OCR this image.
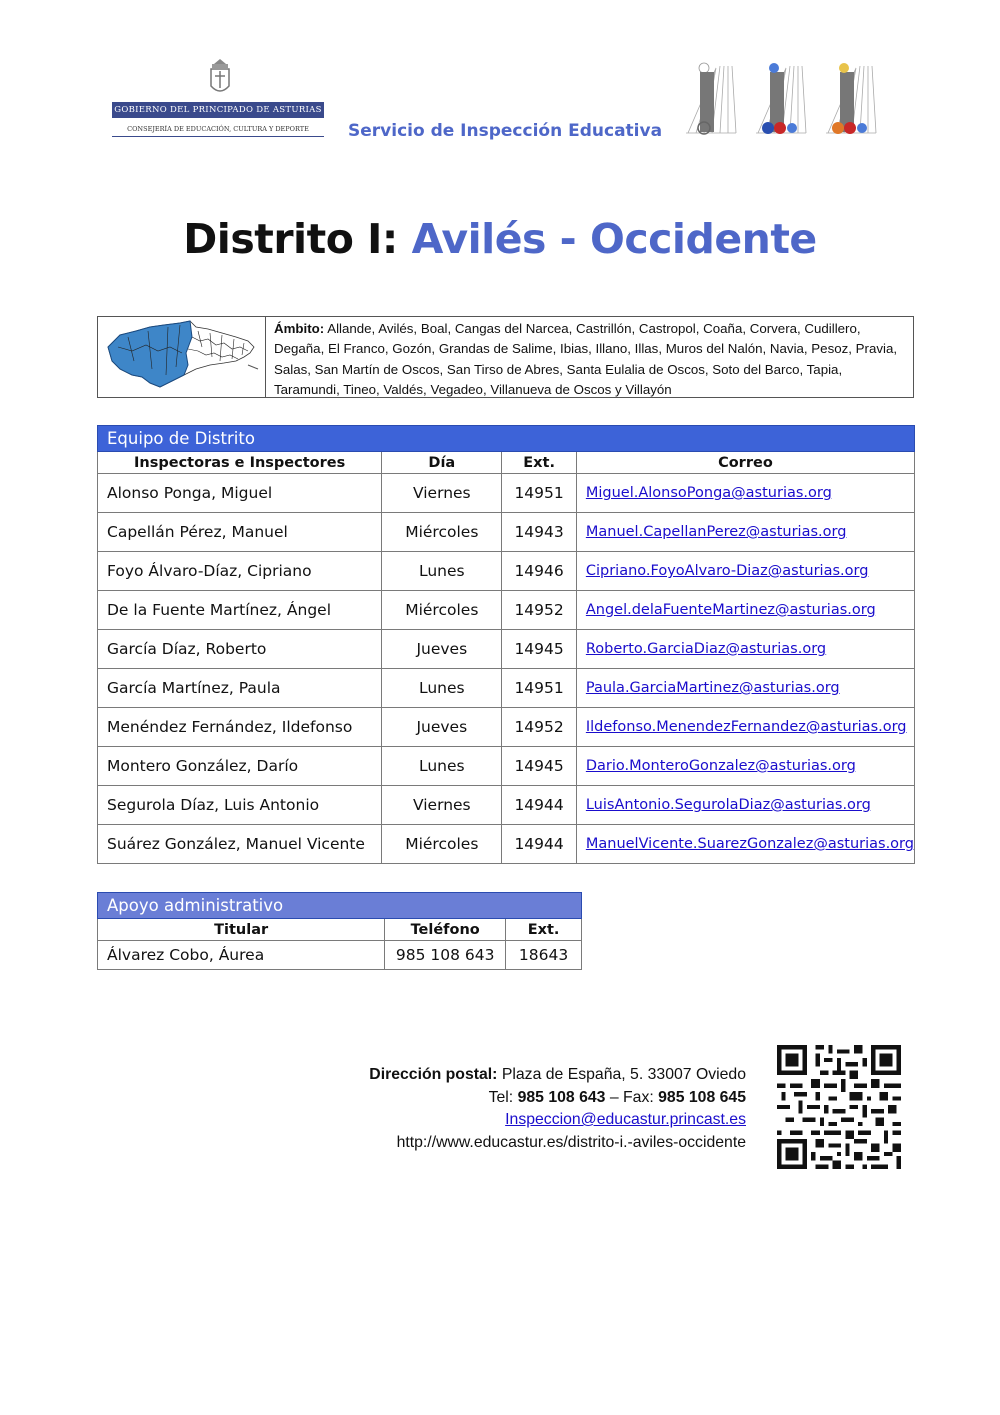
GOBIERNO DEL PRINCIPADO DE ASTURIAS
CONSEJERÍA DE EDUCACIÓN, CULTURA Y DEPORTE	Servicio de Inspección Educativa
Distrito I: Avilés - Occidente
Ámbito: Allande, Avilés, Boal, Cangas del Narcea, Castrillón, Castropol, Coaña, Corvera, Cudillero, Degaña, El Franco, Gozón, Grandas de Salime, Ibias, Illano, Illas, Muros del Nalón, Navia, Pesoz, Pravia, Salas, San Martín de Oscos, San Tirso de Abres, Santa Eulalia de Oscos, Soto del Barco, Tapia, Taramundi, Tineo, Valdés, Vegadeo, Villanueva de Oscos y Villayón
Equipo de Distrito			
Inspectoras e Inspectores	Día	Ext.	Correo
Alonso Ponga, Miguel	Viernes	14951	Miguel.AlonsoPonga@asturias.org
Capellán Pérez, Manuel	Miércoles	14943	Manuel.CapellanPerez@asturias.org
Foyo Álvaro-Díaz, Cipriano	Lunes	14946	Cipriano.FoyoAlvaro-Diaz@asturias.org
De la Fuente Martínez, Ángel	Miércoles	14952	Angel.delaFuenteMartinez@asturias.org
García Díaz, Roberto	Jueves	14945	Roberto.GarciaDiaz@asturias.org
García Martínez, Paula	Lunes	14951	Paula.GarciaMartinez@asturias.org
Menéndez Fernández, Ildefonso	Jueves	14952	Ildefonso.MenendezFernandez@asturias.org
Montero González, Darío	Lunes	14945	Dario.MonteroGonzalez@asturias.org
Segurola Díaz, Luis Antonio	Viernes	14944	LuisAntonio.SegurolaDiaz@asturias.org
Suárez González, Manuel Vicente	Miércoles	14944	ManuelVicente.SuarezGonzalez@asturias.org
Apoyo administrativo		
Titular	Teléfono	Ext.
Álvarez Cobo, Áurea	985 108 643	18643
Dirección postal: Plaza de España, 5. 33007 Oviedo
Tel: 985 108 643 – Fax: 985 108 645
Inspeccion@educastur.princast.es
http://www.educastur.es/distrito-i.-aviles-occidente
